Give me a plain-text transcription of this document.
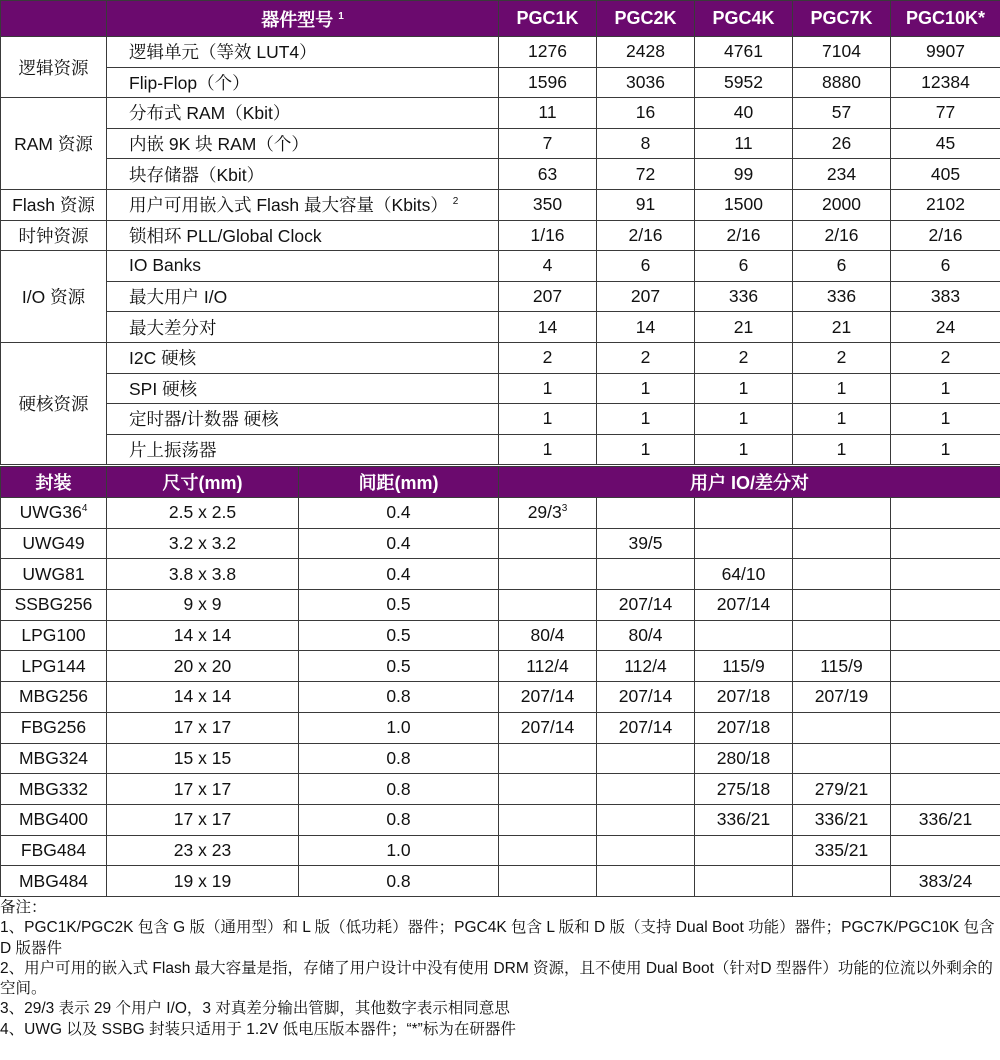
	器件型号 $^1$	PGC1K	PGC2K	PGC4K	PGC7K	PGC10K*
逻辑资源	逻辑单元（等效 LUT4）	1276	2428	4761	7104	9907
	Flip-Flop（个）	1596	3036	5952	8880	12384
RAM 资源	分布式 RAM（Kbit）	11	16	40	57	77
	内嵌 9K 块 RAM（个）	7	8	11	26	45
	块存储器（Kbit）	63	72	99	234	405
Flash 资源	用户可用嵌入式 Flash 最大容量（Kbits） $^2$	350	91	1500	2000	2102
时钟资源	锁相环 PLL/Global Clock	1/16	2/16	2/16	2/16	2/16
I/O 资源	IO Banks	4	6	6	6	6
	最大用户 I/O	207	207	336	336	383
	最大差分对	14	14	21	21	24
硬核资源	I2C 硬核	2	2	2	2	2
	SPI 硬核	1	1	1	1	1
	定时器/计数器 硬核	1	1	1	1	1
	片上振荡器	1	1	1	1	1
封装	尺寸(mm)	间距(mm)	用户 IO/差分对				
$UWG36^4$	2.5 x 2.5	0.4	$29/3^3$				
UWG49	3.2 x 3.2	0.4		39/5			
UWG81	3.8 x 3.8	0.4			64/10		
SSBG256	9 x 9	0.5		207/14	207/14		
LPG100	14 x 14	0.5	80/4	80/4			
LPG144	20 x 20	0.5	112/4	112/4	115/9	115/9	
MBG256	14 x 14	0.8	207/14	207/14	207/18	207/19	
FBG256	17 x 17	1.0	207/14	207/14	207/18		
MBG324	15 x 15	0.8			280/18		
MBG332	17 x 17	0.8			275/18	279/21	
MBG400	17 x 17	0.8			336/21	336/21	336/21
FBG484	23 x 23	1.0				335/21	
MBG484	19 x 19	0.8					383/24
备注：
1、PGC1K/PGC2K 包含 G 版（通用型）和 L 版（低功耗）器件；PGC4K 包含 L 版和 D 版（支持 Dual Boot 功能）器件；PGC7K/PGC10K 包含 D 版器件
2、用户可用的嵌入式 Flash 最大容量是指，存储了用户设计中没有使用 DRM 资源，且不使用 Dual Boot（针对D 型器件）功能的位流以外剩余的空间。
3、29/3 表示 29 个用户 I/O，3 对真差分输出管脚，其他数字表示相同意思
4、UWG 以及 SSBG 封装只适用于 1.2V 低电压版本器件；“*”标为在研器件
